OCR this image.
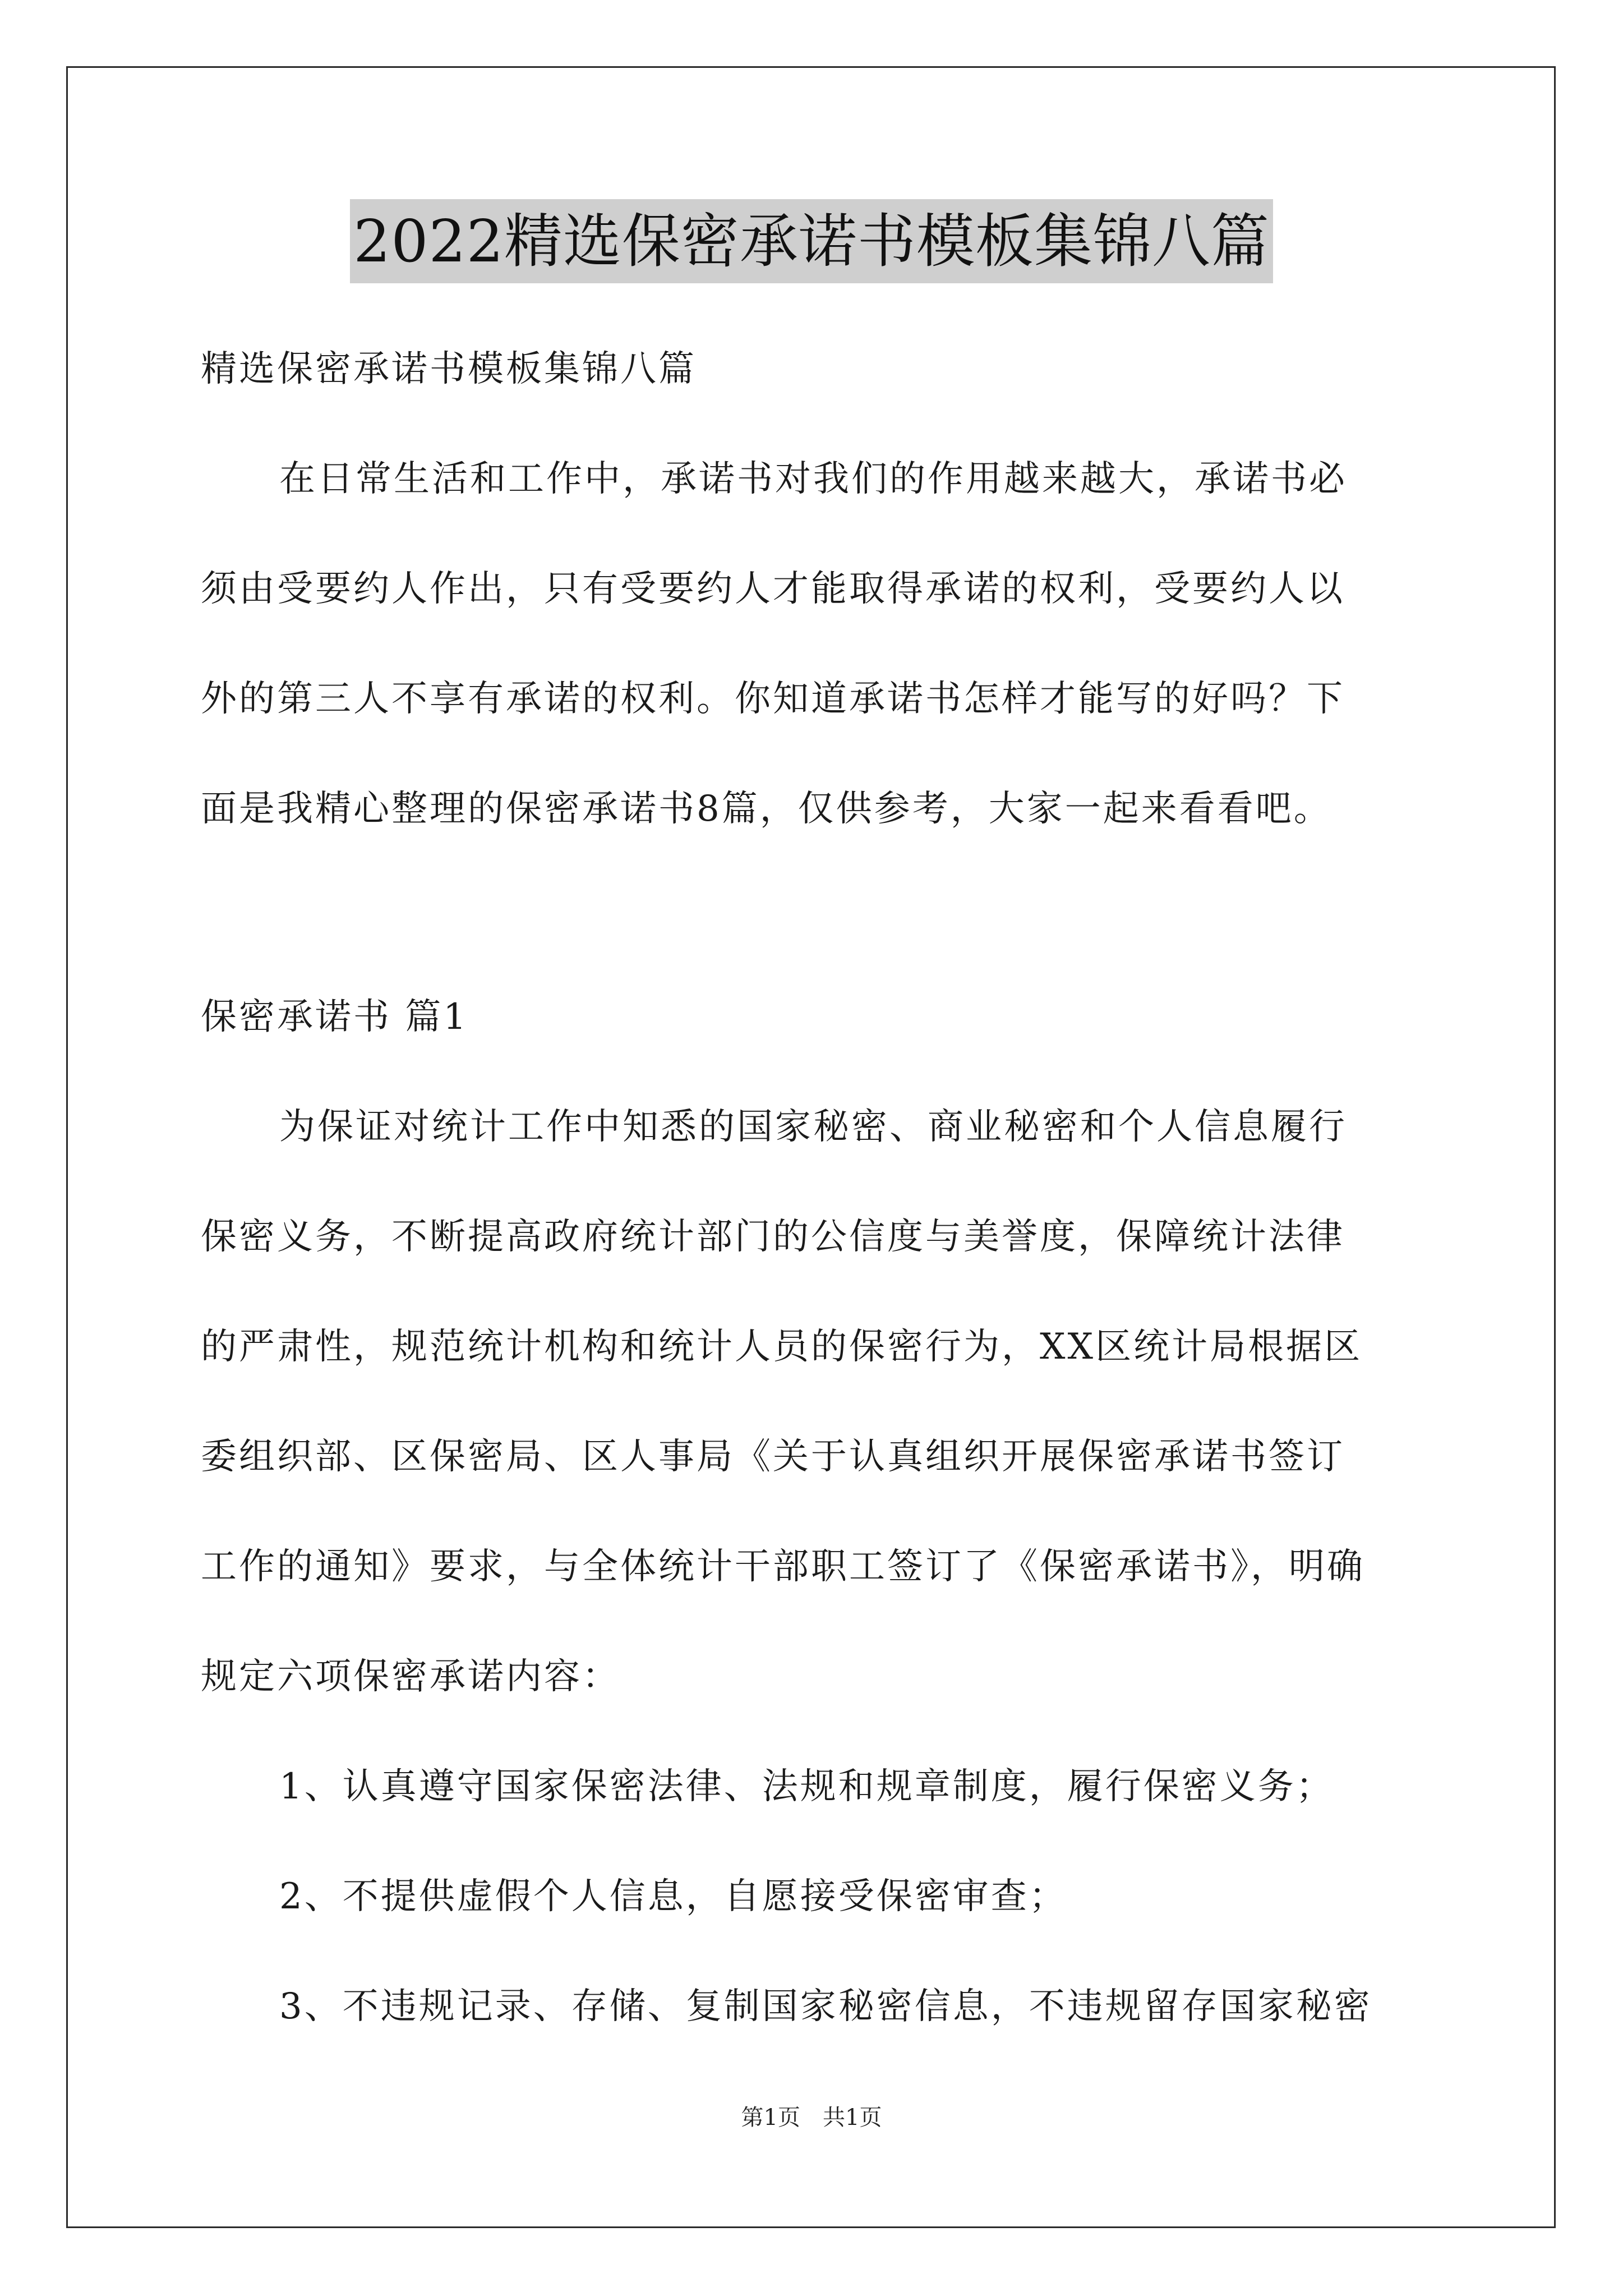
2022精选保密承诺书模板集锦八篇
精选保密承诺书模板集锦八篇
在日常生活和工作中，承诺书对我们的作用越来越大，承诺书必
须由受要约人作出，只有受要约人才能取得承诺的权利，受要约人以
外的第三人不享有承诺的权利。你知道承诺书怎样才能写的好吗？下
面是我精心整理的保密承诺书8篇，仅供参考，大家一起来看看吧。
保密承诺书 篇1
为保证对统计工作中知悉的国家秘密、商业秘密和个人信息履行
保密义务，不断提高政府统计部门的公信度与美誉度，保障统计法律
的严肃性，规范统计机构和统计人员的保密行为，XX区统计局根据区
委组织部、区保密局、区人事局《关于认真组织开展保密承诺书签订
工作的通知》要求，与全体统计干部职工签订了《保密承诺书》，明确
规定六项保密承诺内容：
1、认真遵守国家保密法律、法规和规章制度，履行保密义务；
2、不提供虚假个人信息，自愿接受保密审查；
3、不违规记录、存储、复制国家秘密信息，不违规留存国家秘密
第1页　共1页
